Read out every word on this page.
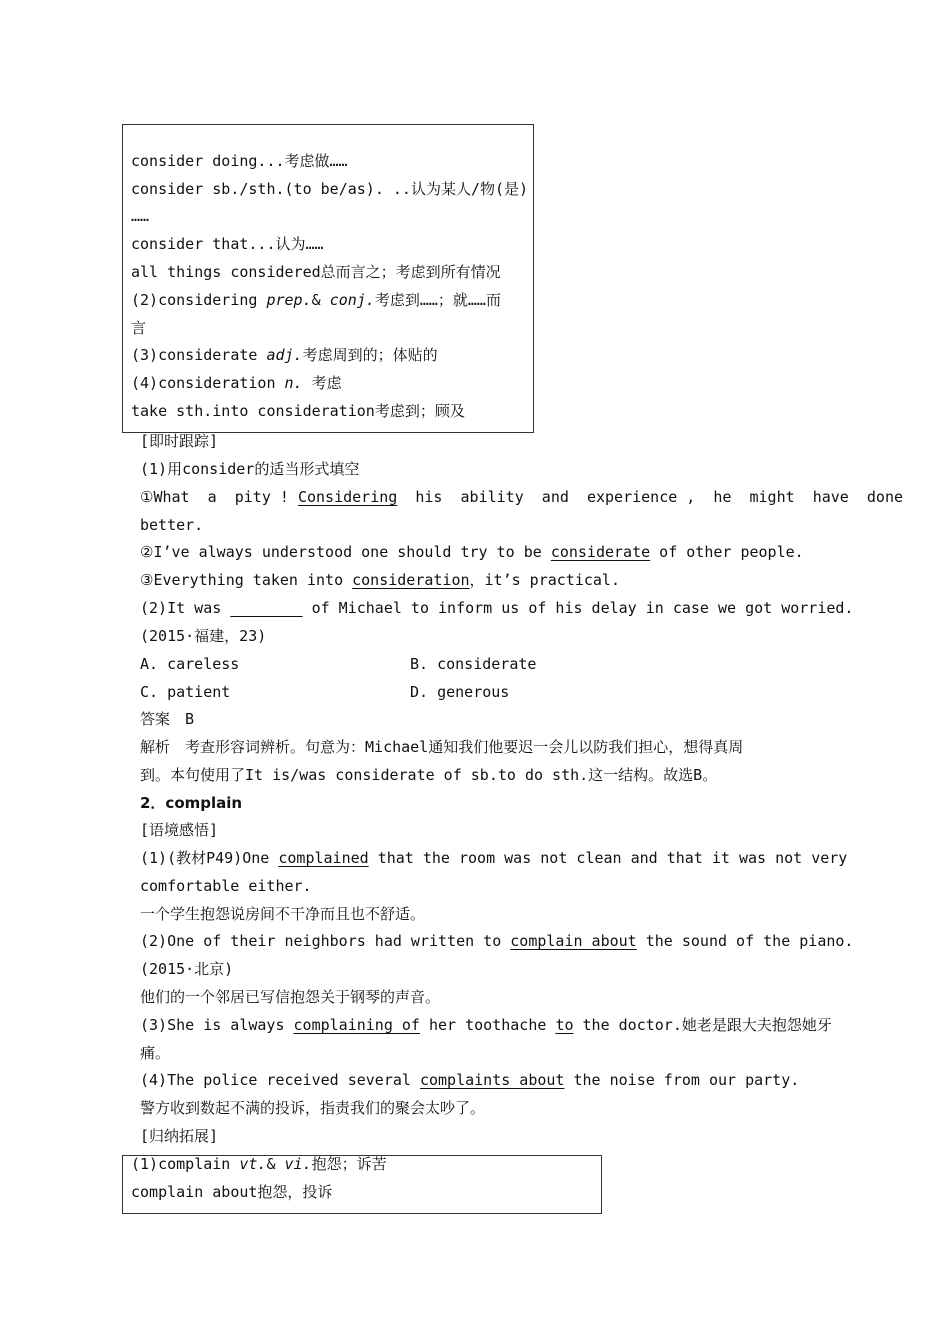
consider doing...考虑做……
consider sb./sth.(to be/as). ..认为某人/物(是)
……
consider that...认为……
all things considered总而言之；考虑到所有情况
(2)considering prep.& conj.考虑到……；就……而
言
(3)considerate adj.考虑周到的；体贴的
(4)consideration n. 考虑
take sth.into consideration考虑到；顾及
[即时跟踪]
(1)用consider的适当形式填空
①What  a  pity ! Considering  his  ability  and  experience ,  he  might  have  done
better.
②I’ve always understood one should try to be considerate of other people.
③Everything taken into consideration，it’s practical.
(2)It was ________ of Michael to inform us of his delay in case we got worried.
(2015·福建，23)
A. careless	B. considerate
C. patient	D. generous
答案　B
解析　考查形容词辨析。句意为：Michael通知我们他要迟一会儿以防我们担心，想得真周
到。本句使用了It is/was considerate of sb.to do sth.这一结构。故选B。
2．complain
[语境感悟]
(1)(教材P49)One complained that the room was not clean and that it was not very
comfortable either.
一个学生抱怨说房间不干净而且也不舒适。
(2)One of their neighbors had written to complain about the sound of the piano.
(2015·北京)
他们的一个邻居已写信抱怨关于钢琴的声音。
(3)She is always complaining of her toothache to the doctor.她老是跟大夫抱怨她牙
痛。
(4)The police received several complaints about the noise from our party.
警方收到数起不满的投诉，指责我们的聚会太吵了。
[归纳拓展]
(1)complain vt.& vi.抱怨；诉苦
complain about抱怨，投诉
